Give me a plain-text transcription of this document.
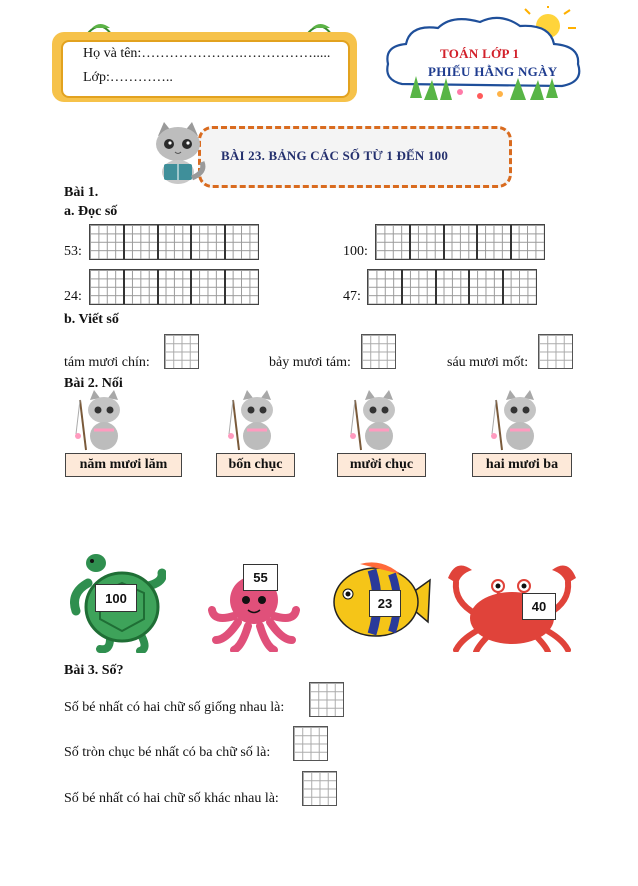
Họ và tên:………………….…………….....
Lớp:…………..
TOÁN LỚP 1
PHIẾU HẰNG NGÀY
BÀI 23. BẢNG CÁC SỐ TỪ 1 ĐẾN 100
Bài 1.
a. Đọc số
53:	100:
24:	47:
b. Viết số
tám mươi chín:	bảy mươi tám:	sáu mươi mốt:
Bài 2. Nối
năm mươi lăm	bốn chục	mười chục	hai mươi ba
100
55
23	40
Bài 3. Số?
Số bé nhất có hai chữ số giống nhau là:
Số tròn chục bé nhất có ba chữ số là:
Số bé nhất có hai chữ số khác nhau là:
